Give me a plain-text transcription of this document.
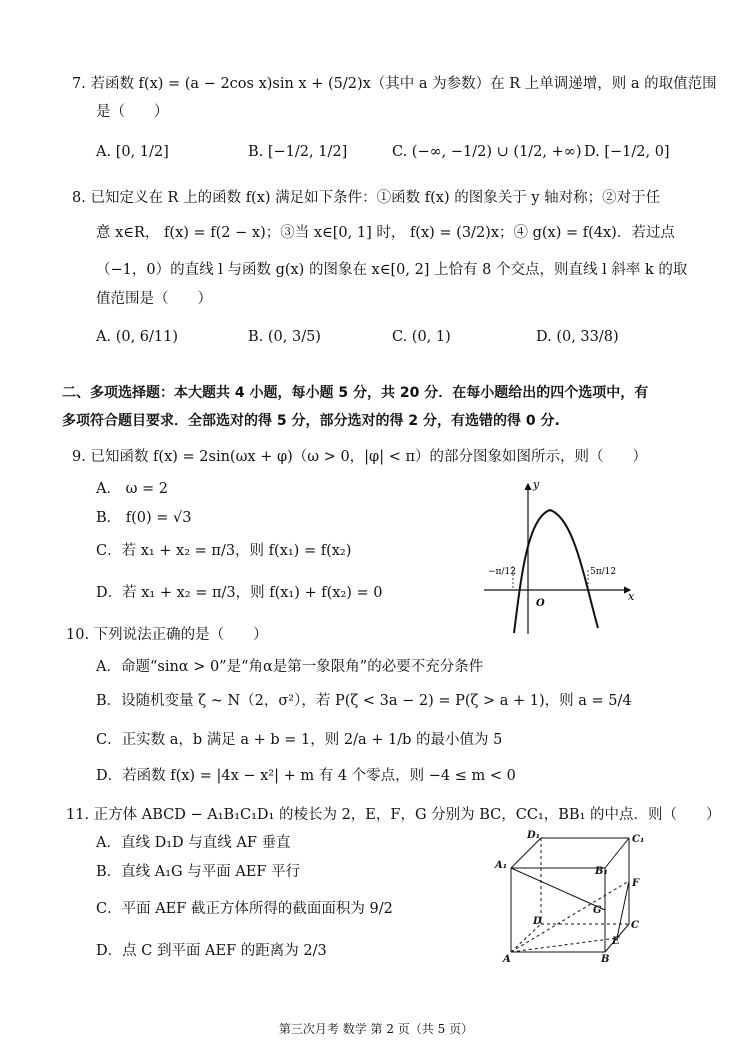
7. 若函数 f(x) = (a − 2cos x)sin x + (5/2)x（其中 a 为参数）在 R 上单调递增，则 a 的取值范围
是（　　）
A. [0, 1/2]	B. [−1/2, 1/2]	C. (−∞, −1/2) ∪ (1/2, +∞) D. [−1/2, 0]
8. 已知定义在 R 上的函数 f(x) 满足如下条件：①函数 f(x) 的图象关于 y 轴对称；②对于任
意 x∈R， f(x) = f(2 − x)；③当 x∈[0, 1] 时， f(x) = (3/2)x；④ g(x) = f(4x)．若过点
（−1，0）的直线 l 与函数 g(x) 的图象在 x∈[0, 2] 上恰有 8 个交点，则直线 l 斜率 k 的取
值范围是（　　）
A. (0, 6/11)	B. (0, 3/5)	C. (0, 1)	D. (0, 33/8)
二、多项选择题：本大题共 4 小题，每小题 5 分，共 20 分．在每小题给出的四个选项中，有
多项符合题目要求．全部选对的得 5 分，部分选对的得 2 分，有选错的得 0 分.
9. 已知函数 f(x) = 2sin(ωx + φ)（ω > 0，|φ| < π）的部分图象如图所示，则（　　）
A． ω = 2
B． f(0) = √3
C．若 x₁ + x₂ = π/3，则 f(x₁) = f(x₂)
D．若 x₁ + x₂ = π/3，则 f(x₁) + f(x₂) = 0
y
x
O
−π/12	5π/12
10. 下列说法正确的是（　　）
A．命题“sinα > 0”是“角α是第一象限角”的必要不充分条件
B．设随机变量 ζ ~ N（2，σ²），若 P(ζ < 3a − 2) = P(ζ > a + 1)，则 a = 5/4
C．正实数 a，b 满足 a + b = 1，则 2/a + 1/b 的最小值为 5
D．若函数 f(x) = |4x − x²| + m 有 4 个零点，则 −4 ≤ m < 0
11. 正方体 ABCD − A₁B₁C₁D₁ 的棱长为 2，E，F，G 分别为 BC，CC₁，BB₁ 的中点．则（　　）
A．直线 D₁D 与直线 AF 垂直
B．直线 A₁G 与平面 AEF 平行
C．平面 AEF 截正方体所得的截面面积为 9/2
D．点 C 到平面 AEF 的距离为 2/3
D₁	C₁
A₁
B₁
F
G
D	C
E
A	B
第三次月考 数学 第 2 页（共 5 页）
